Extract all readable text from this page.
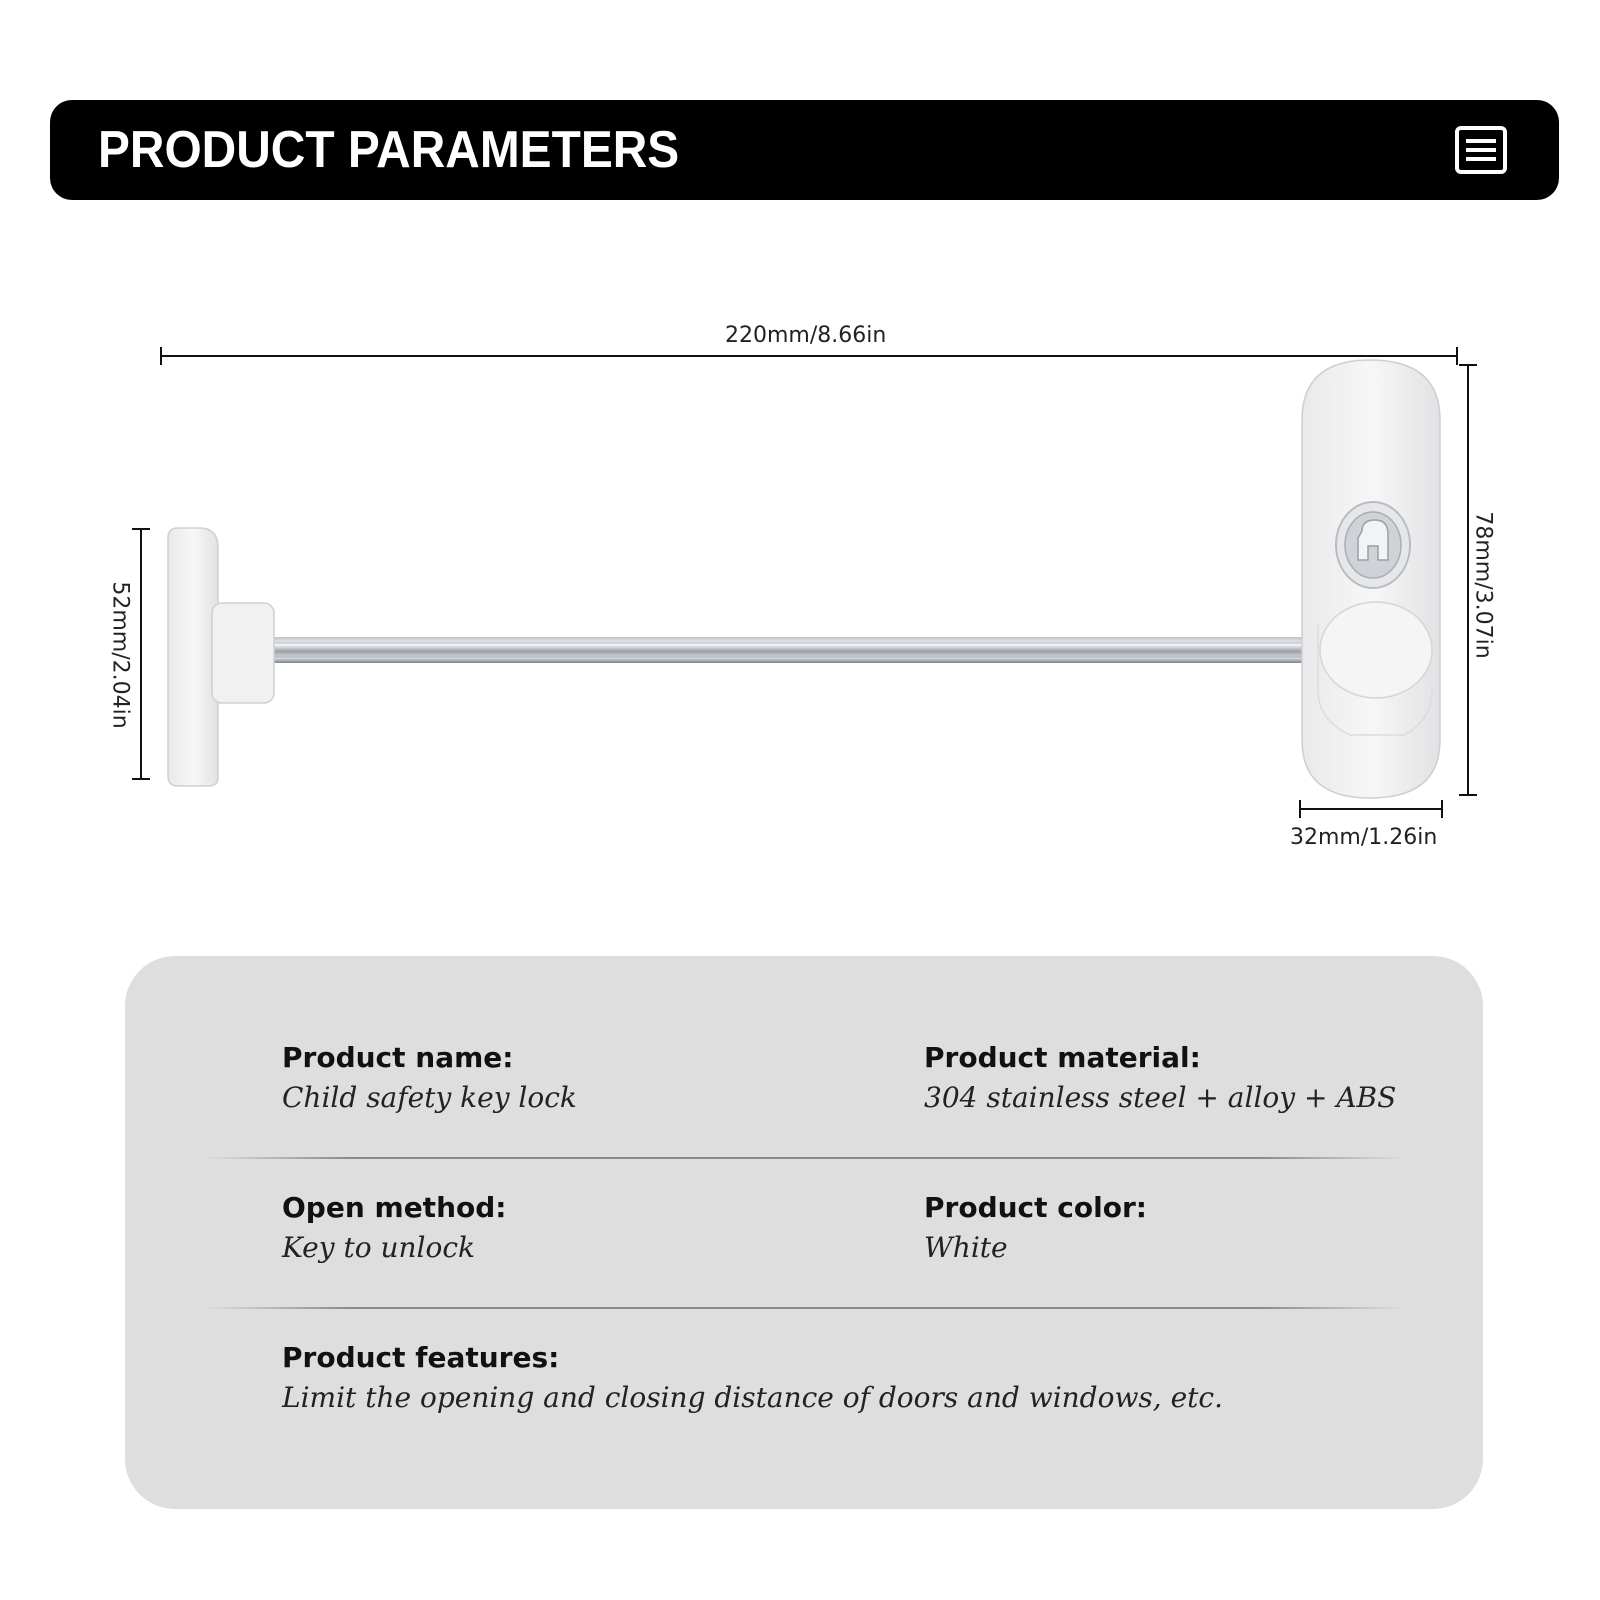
PRODUCT PARAMETERS
220mm/8.66in
52mm/2.04in	78mm/3.07in
32mm/1.26in
Product name:
Child safety key lock
Product material:
304 stainless steel + alloy + ABS
Open method:
Key to unlock
Product color:
White
Product features:
Limit the opening and closing distance of doors and windows, etc.
